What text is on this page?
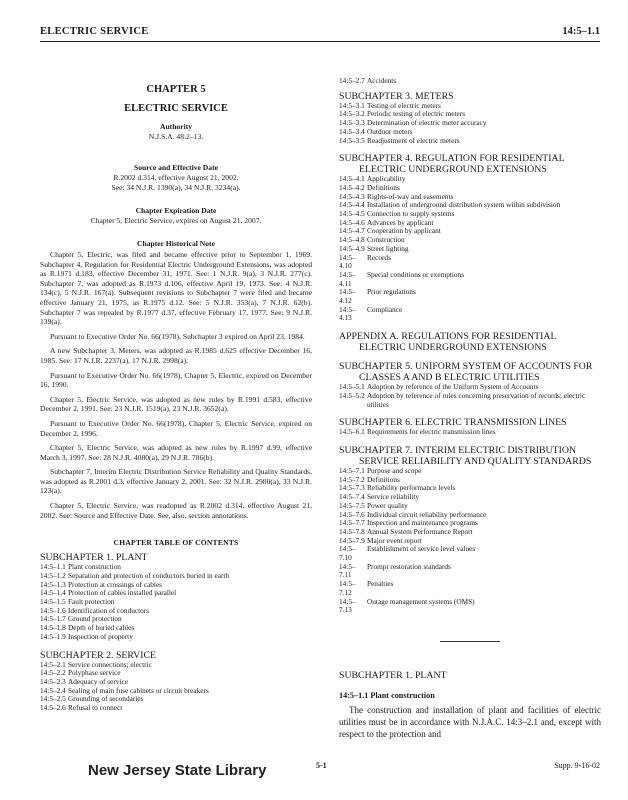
ELECTRIC SERVICE	14:5–1.1
CHAPTER 5
ELECTRIC SERVICE
Authority
N.J.S.A. 48:2–13.
Source and Effective Date
R.2002 d.314, effective August 21, 2002.
See: 34 N.J.R. 1390(a), 34 N.J.R. 3234(a).
Chapter Expiration Date
Chapter 5, Electric Service, expires on August 21, 2007.
Chapter Historical Note
Chapter 5, Electric, was filed and became effective prior to September 1, 1969. Subchapter 4, Regulation for Residential Electric Underground Extensions, was adopted as R.1971 d.183, effective December 31, 1971. See: 1 N.J.R. 9(a), 3 N.J.R. 277(c). Subchapter 7, was adopted as R.1973 d.106, effective April 19, 1973. See: 4 N.J.R. 134(c), 5 N.J.R. 167(a). Subsequent revisions to Subchapter 7 were filed and became effective January 21, 1975, as R.1975 d.12. See: 5 N.J.R. 353(a), 7 N.J.R. 62(b). Subchapter 7 was repealed by R.1977 d.37, effective February 17, 1977. See: 9 N.J.R. 139(a).
Pursuant to Executive Order No. 66(1978), Subchapter 3 expired on April 23, 1984.
A new Subchapter 3, Meters, was adopted as R.1985 d.625 effective December 16, 1985. See: 17 N.J.R. 2237(a), 17 N.J.R. 2998(a).
Pursuant to Executive Order No. 66(1978), Chapter 5, Electric, expired on December 16, 1990.
Chapter 5, Electric Service, was adopted as new rules by R.1991 d.583, effective December 2, 1991. See: 23 N.J.R. 1519(a), 23 N.J.R. 3652(a).
Pursuant to Executive Order No. 66(1978), Chapter 5, Electric Service, expired on December 2, 1996.
Chapter 5, Electric Service, was adopted as new rules by R.1997 d.99, effective March 3, 1997. See: 28 N.J.R. 4080(a), 29 N.J.R. 786(b).
Subchapter 7, Interim Electric Distribution Service Reliability and Quality Standards, was adopted as R.2001 d.3, effective January 2, 2001. See: 32 N.J.R. 2980(a), 33 N.J.R. 123(a).
Chapter 5, Electric Service, was readopted as R.2002 d.314, effective August 21, 2002. See: Source and Effective Date. See, also, section annotations.
CHAPTER TABLE OF CONTENTS
SUBCHAPTER 1. PLANT
14:5–1.1 Plant construction
14:5–1.2 Separation and protection of conductors buried in earth
14:5–1.3 Protection at crossings of cables
14:5–1.4 Protection of cables installed parallel
14:5–1.5 Fault protection
14:5–1.6 Identification of conductors
14:5–1.7 Ground protection
14:5–1.8 Depth of buried cables
14:5–1.9 Inspection of property
SUBCHAPTER 2. SERVICE
14:5–2.1 Service connections; electric
14:5–2.2 Polyphase service
14:5–2.3 Adequacy of service
14:5–2.4 Sealing of main fuse cabinets or circuit breakers
14:5–2.5 Grounding of secondaries
14:5–2.6 Refusal to connect
14:5–2.7 Accidents
SUBCHAPTER 3. METERS
14:5–3.1 Testing of electric meters
14:5–3.2 Periodic testing of electric meters
14:5–3.3 Determination of electric meter accuracy
14:5–3.4 Outdoor meters
14:5–3.5 Readjustment of electric meters
SUBCHAPTER 4. REGULATION FOR RESIDENTIAL ELECTRIC UNDERGROUND EXTENSIONS
14:5–4.1 Applicability
14:5–4.2 Definitions
14:5–4.3 Rights-of-way and easements
14:5–4.4 Installation of underground distribution system within subdivision
14:5–4.5 Connection to supply systems
14:5–4.6 Advances by applicant
14:5–4.7 Cooperation by applicant
14:5–4.8 Construction
14:5–4.9 Street lighting
14:5–4.10
Records
14:5–4.11
Special conditions or exemptions
14:5–4.12
Prior regulations
14:5–4.13
Compliance
APPENDIX A. REGULATIONS FOR RESIDENTIAL ELECTRIC UNDERGROUND EXTENSIONS
SUBCHAPTER 5. UNIFORM SYSTEM OF ACCOUNTS FOR CLASSES A AND B ELECTRIC UTILITIES
14:5–5.1 Adoption by reference of the Uniform System of Accounts
14:5–5.2 Adoption by reference of rules concerning preservation of records; electric utilities
SUBCHAPTER 6. ELECTRIC TRANSMISSION LINES
14:5–6.1 Requirements for electric transmission lines
SUBCHAPTER 7. INTERIM ELECTRIC DISTRIBUTION SERVICE RELIABILITY AND QUALITY STANDARDS
14:5–7.1 Purpose and scope
14:5–7.2 Definitions
14:5–7.3 Reliability performance levels
14:5–7.4 Service reliability
14:5–7.5 Power quality
14:5–7.6 Individual circuit reliability performance
14:5–7.7 Inspection and maintenance programs
14:5–7.8 Annual System Performance Report
14:5–7.9 Major event report
14:5–7.10
Establishment of service level values
14:5–7.11
Prompt restoration standards
14:5–7.12
Penalties
14:5–7.13
Outage management systems (OMS)
SUBCHAPTER 1. PLANT
14:5–1.1 Plant construction
The construction and installation of plant and facilities of electric utilities must be in accordance with N.J.A.C. 14:3–2.1 and, except with respect to the protection and
New Jersey State Library	5-1	Supp. 9-16-02
